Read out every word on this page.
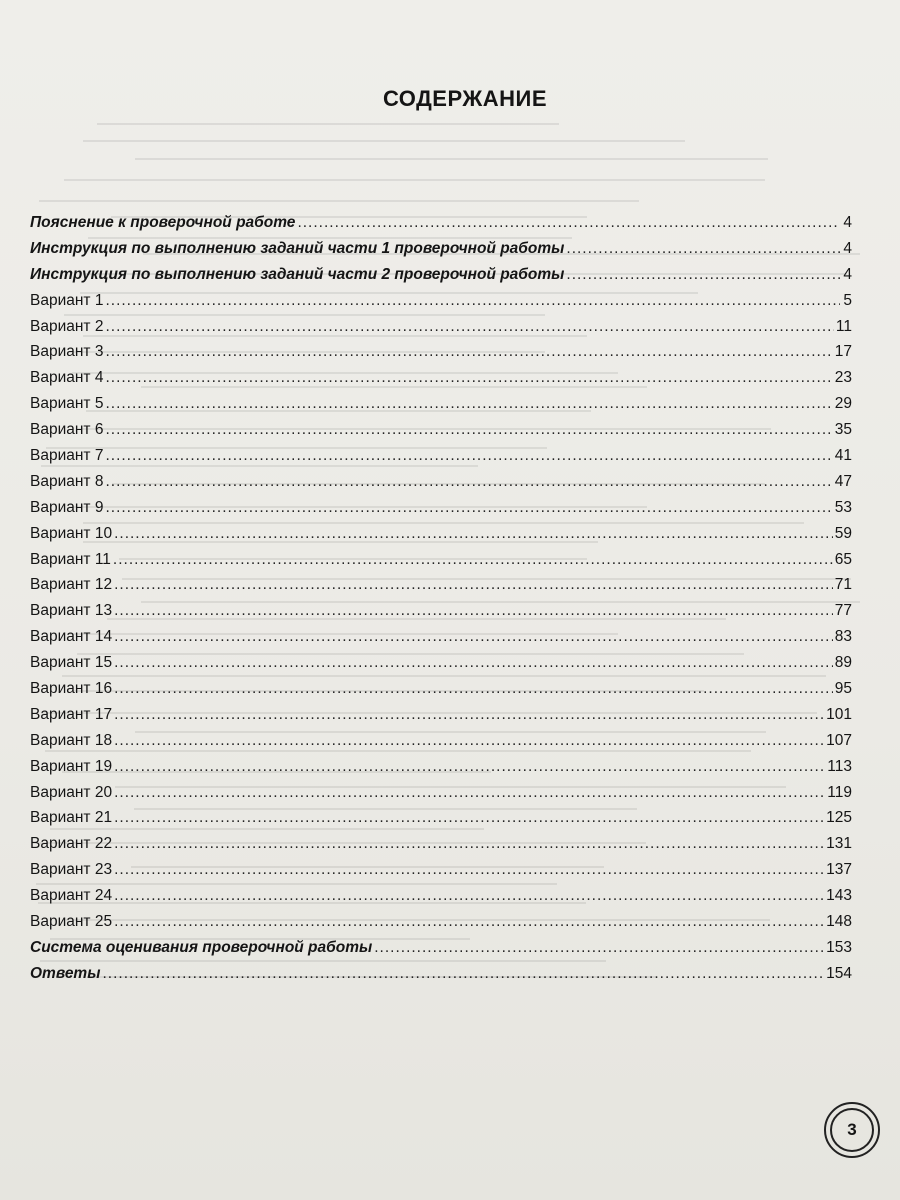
СОДЕРЖАНИЕ
Пояснение к проверочной работе .....	4
Инструкция по выполнению заданий части 1 проверочной работы .....	4
Инструкция по выполнению заданий части 2 проверочной работы .....	4
Вариант 1 .....	5
Вариант 2 .....	11
Вариант 3 .....	17
Вариант 4 .....	23
Вариант 5 .....	29
Вариант 6 .....	35
Вариант 7 .....	41
Вариант 8 .....	47
Вариант 9 .....	53
Вариант 10 .....	59
Вариант 11 .....	65
Вариант 12 .....	71
Вариант 13 .....	77
Вариант 14 .....	83
Вариант 15 .....	89
Вариант 16 .....	95
Вариант 17 .....	101
Вариант 18 .....	107
Вариант 19 .....	113
Вариант 20 .....	119
Вариант 21 .....	125
Вариант 22 .....	131
Вариант 23 .....	137
Вариант 24 .....	143
Вариант 25 .....	148
Система оценивания проверочной работы .....	153
Ответы .....	154
3
